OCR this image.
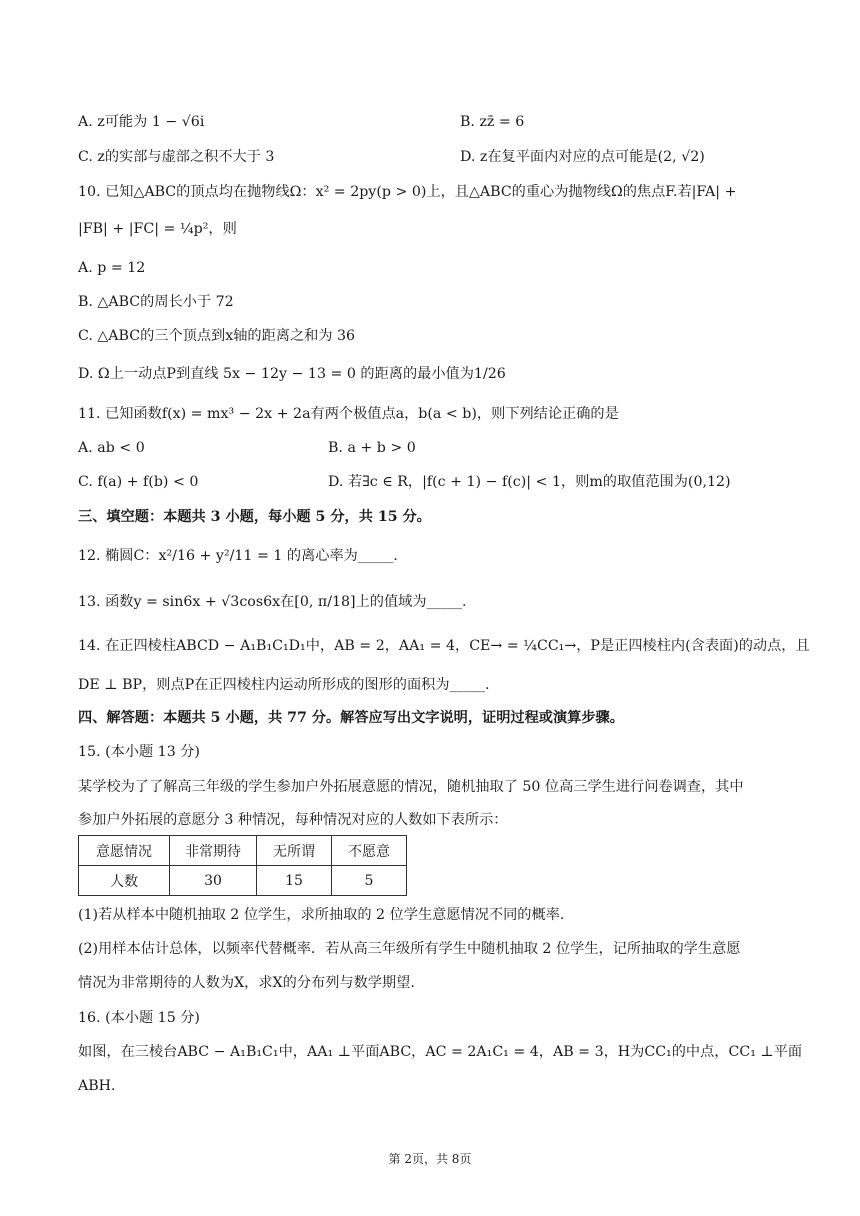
A. z可能为 1 − √6i	B. zz̄ = 6
C. z的实部与虚部之积不大于 3	D. z在复平面内对应的点可能是(2, √2)
10. 已知△ABC的顶点均在抛物线Ω：x² = 2py(p > 0)上，且△ABC的重心为抛物线Ω的焦点F.若|FA| +
|FB| + |FC| = ¼p²，则
A. p = 12
B. △ABC的周长小于 72
C. △ABC的三个顶点到x轴的距离之和为 36
D. Ω上一动点P到直线 5x − 12y − 13 = 0 的距离的最小值为1/26
11. 已知函数f(x) = mx³ − 2x + 2a有两个极值点a，b(a < b)，则下列结论正确的是
A. ab < 0	B. a + b > 0
C. f(a) + f(b) < 0	D. 若∃c ∈ R，|f(c + 1) − f(c)| < 1，则m的取值范围为(0,12)
三、填空题：本题共 3 小题，每小题 5 分，共 15 分。
12. 椭圆C：x²/16 + y²/11 = 1 的离心率为_____.
13. 函数y = sin6x + √3cos6x在[0, π/18]上的值域为_____.
14. 在正四棱柱ABCD − A₁B₁C₁D₁中，AB = 2，AA₁ = 4，CE→ = ¼CC₁→，P是正四棱柱内(含表面)的动点，且
DE ⊥ BP，则点P在正四棱柱内运动所形成的图形的面积为_____.
四、解答题：本题共 5 小题，共 77 分。解答应写出文字说明，证明过程或演算步骤。
15. (本小题 13 分)
某学校为了了解高三年级的学生参加户外拓展意愿的情况，随机抽取了 50 位高三学生进行问卷调查，其中
参加户外拓展的意愿分 3 种情况，每种情况对应的人数如下表所示：
意愿情况	非常期待	无所谓	不愿意
人数	30	15	5
(1)若从样本中随机抽取 2 位学生，求所抽取的 2 位学生意愿情况不同的概率.
(2)用样本估计总体，以频率代替概率．若从高三年级所有学生中随机抽取 2 位学生，记所抽取的学生意愿
情况为非常期待的人数为X，求X的分布列与数学期望.
16. (本小题 15 分)
如图，在三棱台ABC − A₁B₁C₁中，AA₁ ⊥平面ABC，AC = 2A₁C₁ = 4，AB = 3，H为CC₁的中点，CC₁ ⊥平面
ABH.
第 2页，共 8页
